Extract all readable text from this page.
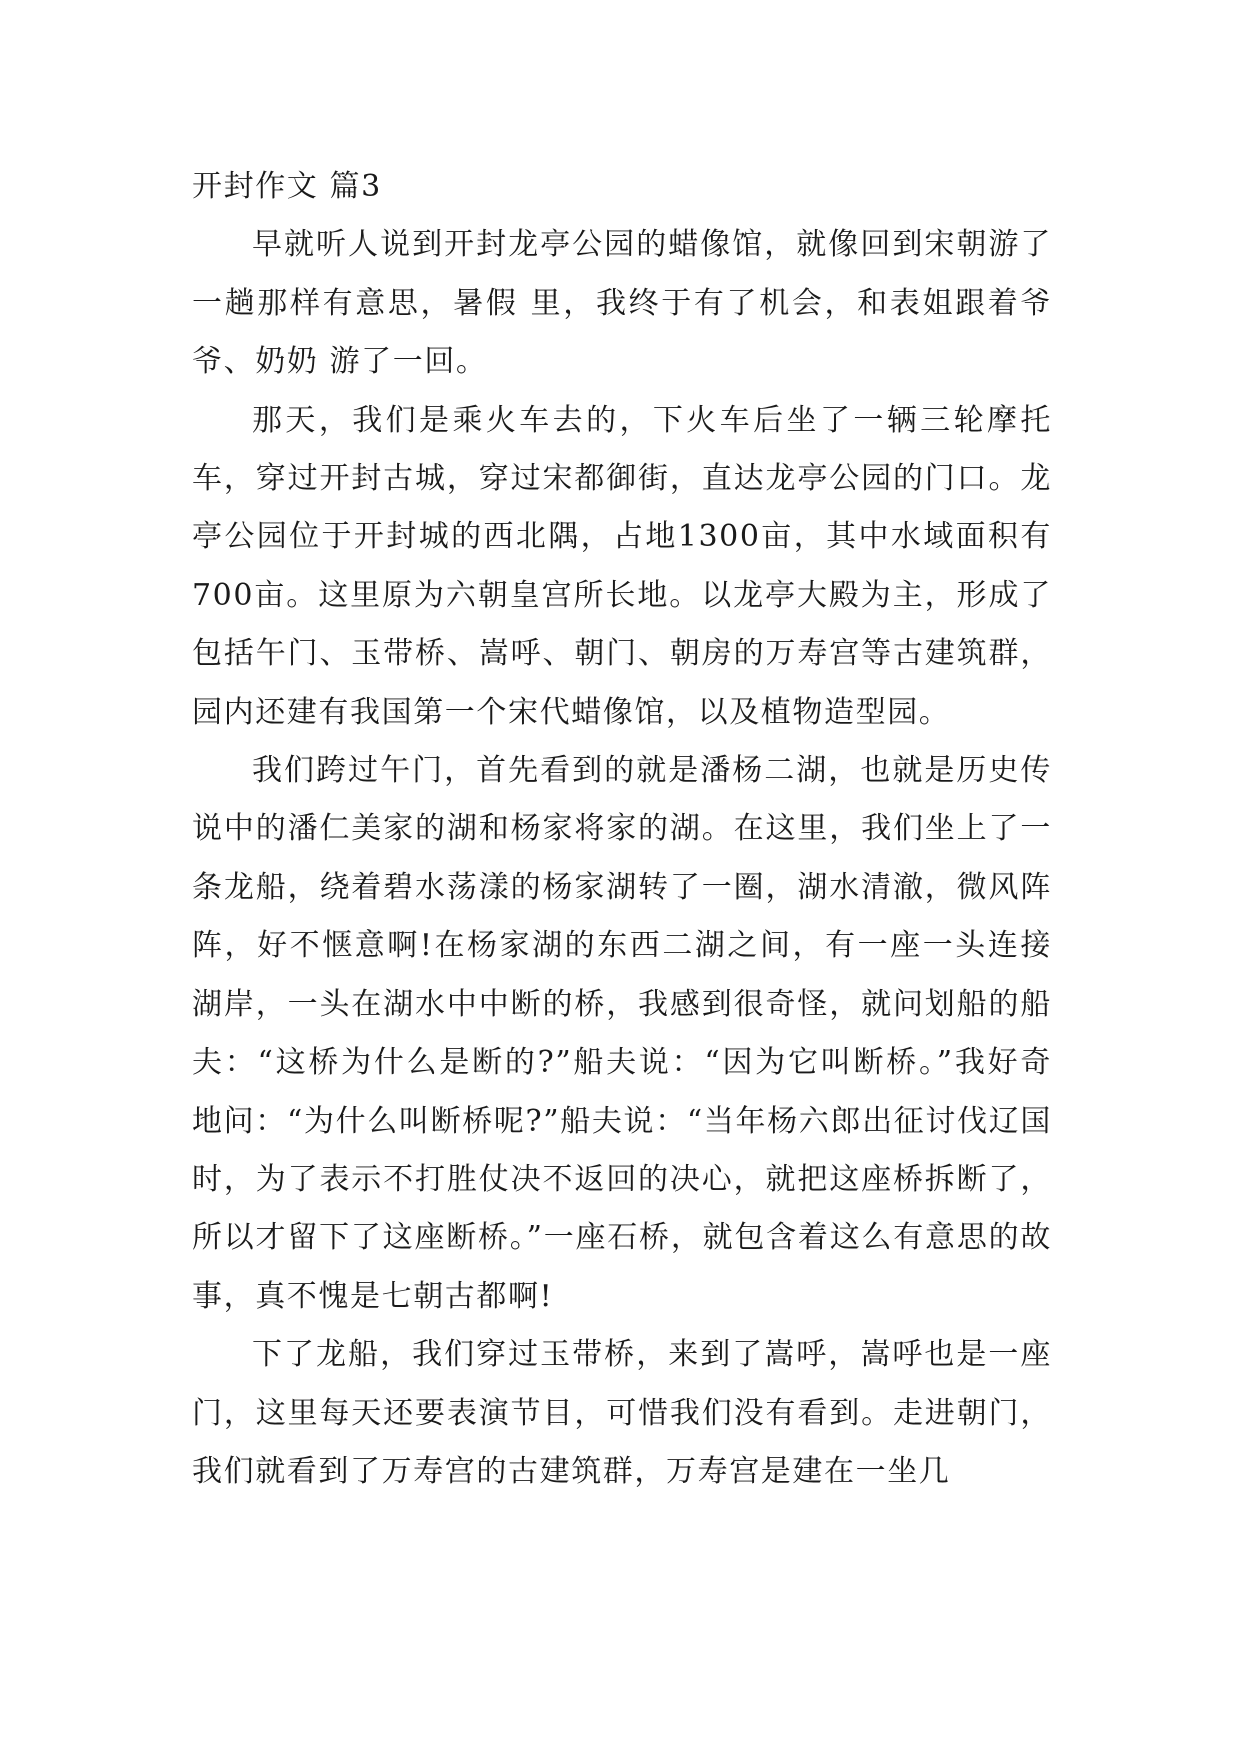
开封作文 篇3

早就听人说到开封龙亭公园的蜡像馆，就像回到宋朝游了一趟那样有意思，暑假 里，我终于有了机会，和表姐跟着爷爷、奶奶 游了一回。

那天，我们是乘火车去的，下火车后坐了一辆三轮摩托车，穿过开封古城，穿过宋都御街，直达龙亭公园的门口。龙亭公园位于开封城的西北隅，占地1300亩，其中水域面积有700亩。这里原为六朝皇宫所长地。以龙亭大殿为主，形成了包括午门、玉带桥、嵩呼、朝门、朝房的万寿宫等古建筑群，园内还建有我国第一个宋代蜡像馆，以及植物造型园。

我们跨过午门，首先看到的就是潘杨二湖，也就是历史传说中的潘仁美家的湖和杨家将家的湖。在这里，我们坐上了一条龙船，绕着碧水荡漾的杨家湖转了一圈，湖水清澈，微风阵阵，好不惬意啊!在杨家湖的东西二湖之间，有一座一头连接湖岸，一头在湖水中中断的桥，我感到很奇怪，就问划船的船夫：“这桥为什么是断的?”船夫说：“因为它叫断桥。”我好奇地问：“为什么叫断桥呢?”船夫说：“当年杨六郎出征讨伐辽国时，为了表示不打胜仗决不返回的决心，就把这座桥拆断了，所以才留下了这座断桥。”一座石桥，就包含着这么有意思的故事，真不愧是七朝古都啊!

下了龙船，我们穿过玉带桥，来到了嵩呼，嵩呼也是一座门，这里每天还要表演节目，可惜我们没有看到。走进朝门，我们就看到了万寿宫的古建筑群，万寿宫是建在一坐几
